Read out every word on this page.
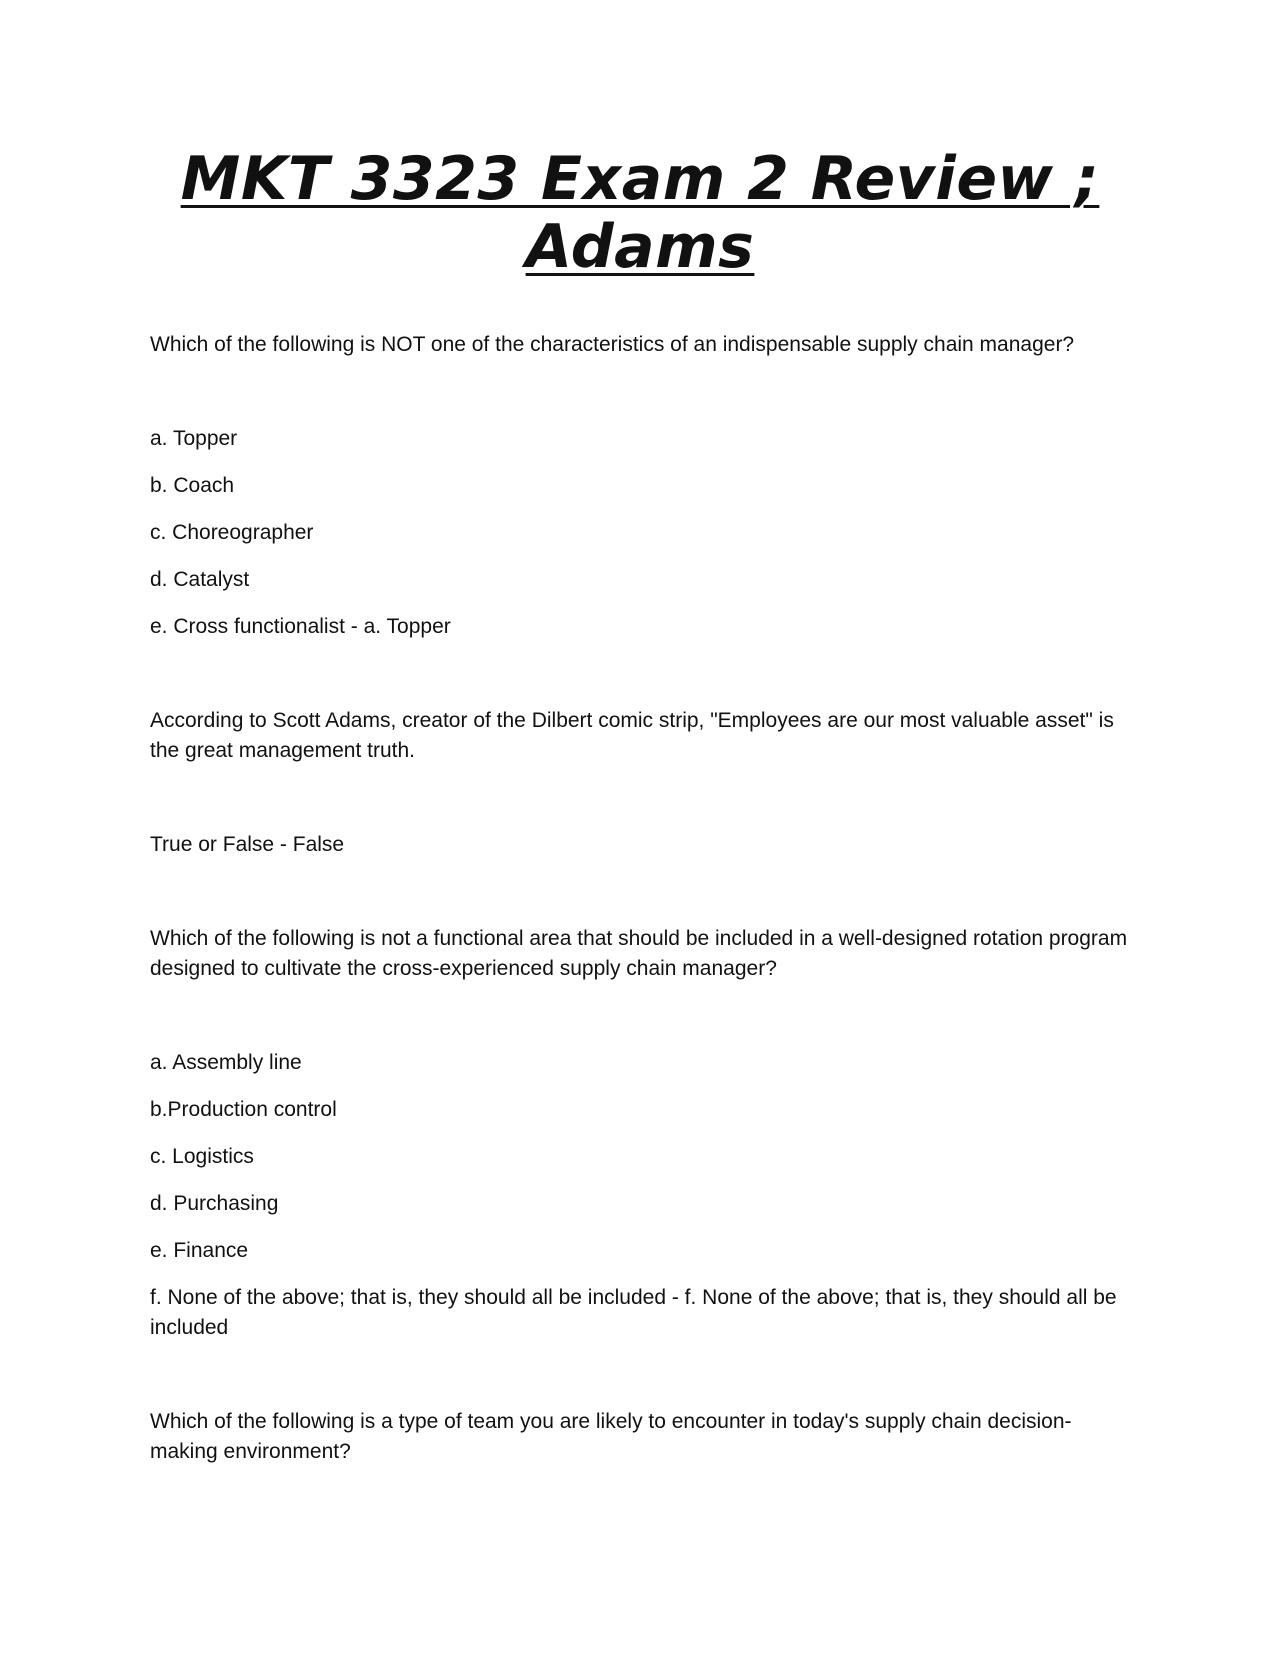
MKT 3323 Exam 2 Review ; Adams

Which of the following is NOT one of the characteristics of an indispensable supply chain manager?

a. Topper

b. Coach

c. Choreographer

d. Catalyst

e. Cross functionalist - a. Topper

According to Scott Adams, creator of the Dilbert comic strip, "Employees are our most valuable asset" is the great management truth.

True or False - False

Which of the following is not a functional area that should be included in a well-designed rotation program designed to cultivate the cross-experienced supply chain manager?

a. Assembly line

b.Production control

c. Logistics

d. Purchasing

e. Finance

f. None of the above; that is, they should all be included - f. None of the above; that is, they should all be included

Which of the following is a type of team you are likely to encounter in today's supply chain decision-making environment?
